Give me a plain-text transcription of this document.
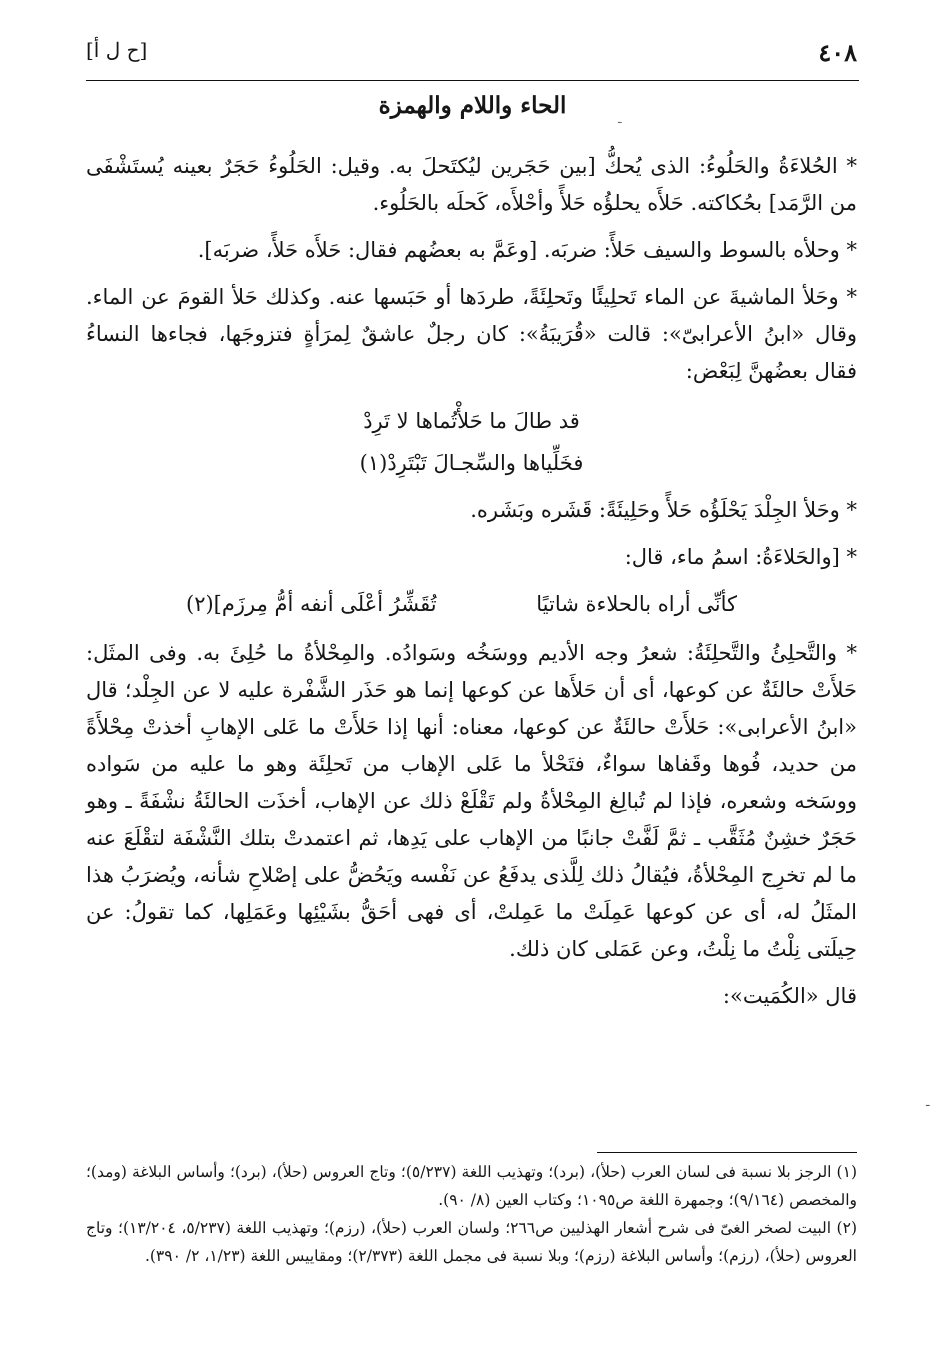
٤٠٨
[ح ل أ]
الحاء واللام والهمزة	ـ

* الحُلاءَةُ والحَلُوءُ: الذى يُحكُّ [بين حَجَرين ليُكتَحلَ به. وقيل: الحَلُوءُ حَجَرٌ بعينه يُستَشْفَى من الرَّمَد] بحُكاكته. حَلأَه يحلؤُه حَلأً وأحْلأَه، كَحلَه بالحَلُوء.

* وحلأه بالسوط والسيف حَلأً: ضربَه. [وعَمَّ به بعضُهم فقال: حَلأَه حَلأً، ضربَه].

* وحَلأ الماشيةَ عن الماء تَحلِيئًا وتَحلِئَةً، طردَها أو حَبَسها عنه. وكذلك حَلأ القومَ عن الماء. وقال «ابنُ الأعرابىّ»: قالت «قُرَيبَةُ»: كان رجلٌ عاشقٌ لِمرَأةٍ فتزوجَها، فجاءها النساءُ فقال بعضُهنَّ لِبَعْض:

قد طالَ ما حَلأْتُماها لا تَرِدْ
فخَلِّياها والسِّجـالَ تَبْتَرِدْ(١)

* وحَلأ الجِلْدَ يَحْلَؤُه حَلأً وحَلِيئَةً: قَشَره وبَشَره.

* [والحَلاءَةُ: اسمُ ماء، قال:

كأنِّى أراه بالحلاءة شاتيًا
تُقَشِّرُ أعْلَى أنفه أمُّ مِرزَم](٢)

* والتَّحلِئُ والتَّحلِئَةُ: شعرُ وجه الأديم ووسَخُه وسَوادُه. والمِحْلأةُ ما حُلِئَ به. وفى المثَل: حَلأَتْ حالئَةٌ عن كوعها، أى أن حَلأَها عن كوعها إنما هو حَذَر الشَّفْرة عليه لا عن الجِلْد؛ قال «ابنُ الأعرابى»: حَلأَتْ حالئَةٌ عن كوعها، معناه: أنها إذا حَلأَتْ ما عَلى الإهابِ أخذتْ مِحْلأَةً من حديد، فُوها وقَفاها سواءٌ، فتَحْلأ ما عَلى الإهاب من تَحلِئَة وهو ما عليه من سَواده ووسَخه وشعره، فإذا لم تُبالِغ المِحْلأةُ ولم تَقْلَعْ ذلك عن الإهاب، أخذَت الحالئَةُ نشْفَةً ـ وهو حَجَرٌ خشِنٌ مُثَقَّب ـ ثمَّ لَفَّتْ جانبًا من الإهاب على يَدِها، ثم اعتمدتْ بتلك النَّشْفَة لتقْلَعَ عنه ما لم تخرِج المِحْلأةُ، فيُقالُ ذلك لِلَّذى يدفَعُ عن نَفْسه ويَحُضُّ على إصْلاحِ شأنه، ويُضرَبُ هذا المثَلُ له، أى عن كوعها عَمِلَتْ ما عَمِلتْ، أى فهى أحَقُّ بشَيْئِها وعَمَلِها، كما تقولُ: عن حِيلَتى نِلْتُ ما نِلْتُ، وعن عَمَلى كان ذلك.

قال «الكُمَيت»:

ـ

(١) الرجز بلا نسبة فى لسان العرب (حلأ)، (برد)؛ وتهذيب اللغة (٥/٢٣٧)؛ وتاج العروس (حلأ)، (برد)؛ وأساس البلاغة (ومد)؛ والمخصص (٩/١٦٤)؛ وجمهرة اللغة ص١٠٩٥؛ وكتاب العين (٨/ ٩٠).

(٢) البيت لصخر الغىّ فى شرح أشعار الهذليين ص٢٦٦؛ ولسان العرب (حلأ)، (رزم)؛ وتهذيب اللغة (٥/٢٣٧، ١٣/٢٠٤)؛ وتاج العروس (حلأ)، (رزم)؛ وأساس البلاغة (رزم)؛ وبلا نسبة فى مجمل اللغة (٢/٣٧٣)؛ ومقاييس اللغة (١/٢٣، ٢/ ٣٩٠).
